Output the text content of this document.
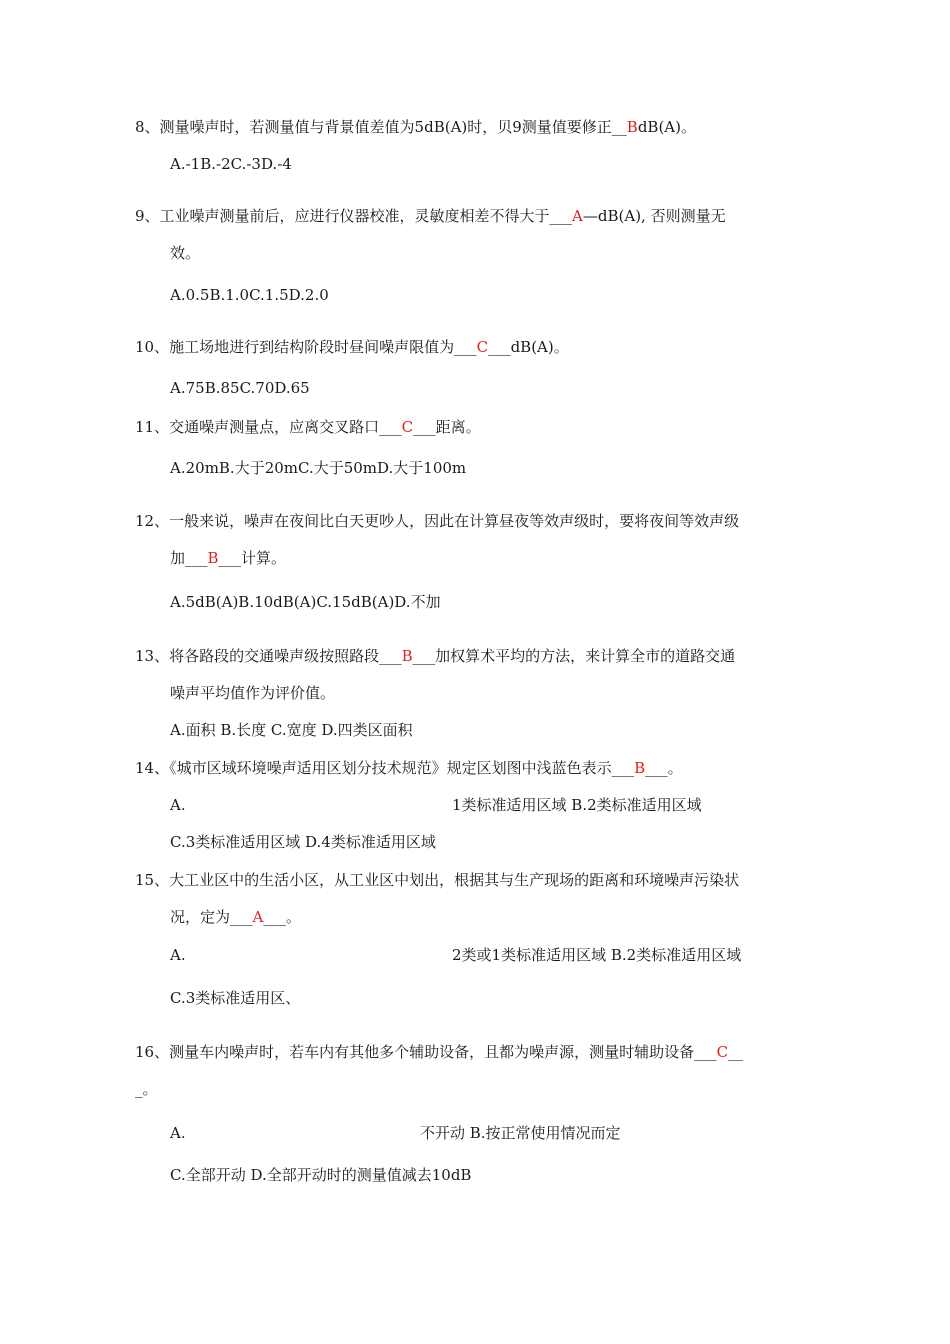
8、测量噪声时，若测量值与背景值差值为5dB(A)时，贝9测量值要修正__BdB(A)。
A.-1B.-2C.-3D.-4
9、工业噪声测量前后，应进行仪器校准，灵敏度相差不得大于___A—dB(A), 否则测量无
效。
A.0.5B.1.0C.1.5D.2.0
10、施工场地进行到结构阶段时昼间噪声限值为___C___dB(A)。
A.75B.85C.70D.65
11、交通噪声测量点，应离交叉路口___C___距离。
A.20mB.大于20mC.大于50mD.大于100m
12、一般来说，噪声在夜间比白天更吵人，因此在计算昼夜等效声级时，要将夜间等效声级
加___B___计算。
A.5dB(A)B.10dB(A)C.15dB(A)D.不加
13、将各路段的交通噪声级按照路段___B___加权算术平均的方法，来计算全市的道路交通
噪声平均值作为评价值。
A.面积 B.长度 C.宽度 D.四类区面积
14、《城市区域环境噪声适用区划分技术规范》规定区划图中浅蓝色表示___B___。
A.	1类标准适用区域 B.2类标准适用区域
C.3类标准适用区域 D.4类标准适用区域
15、大工业区中的生活小区，从工业区中划出，根据其与生产现场的距离和环境噪声污染状
况，定为___A___。
A.	2类或1类标准适用区域 B.2类标准适用区域
C.3类标准适用区、
16、测量车内噪声时，若车内有其他多个辅助设备，且都为噪声源，测量时辅助设备___C__
_。
A.	不开动 B.按正常使用情况而定
C.全部开动 D.全部开动时的测量值减去10dB
